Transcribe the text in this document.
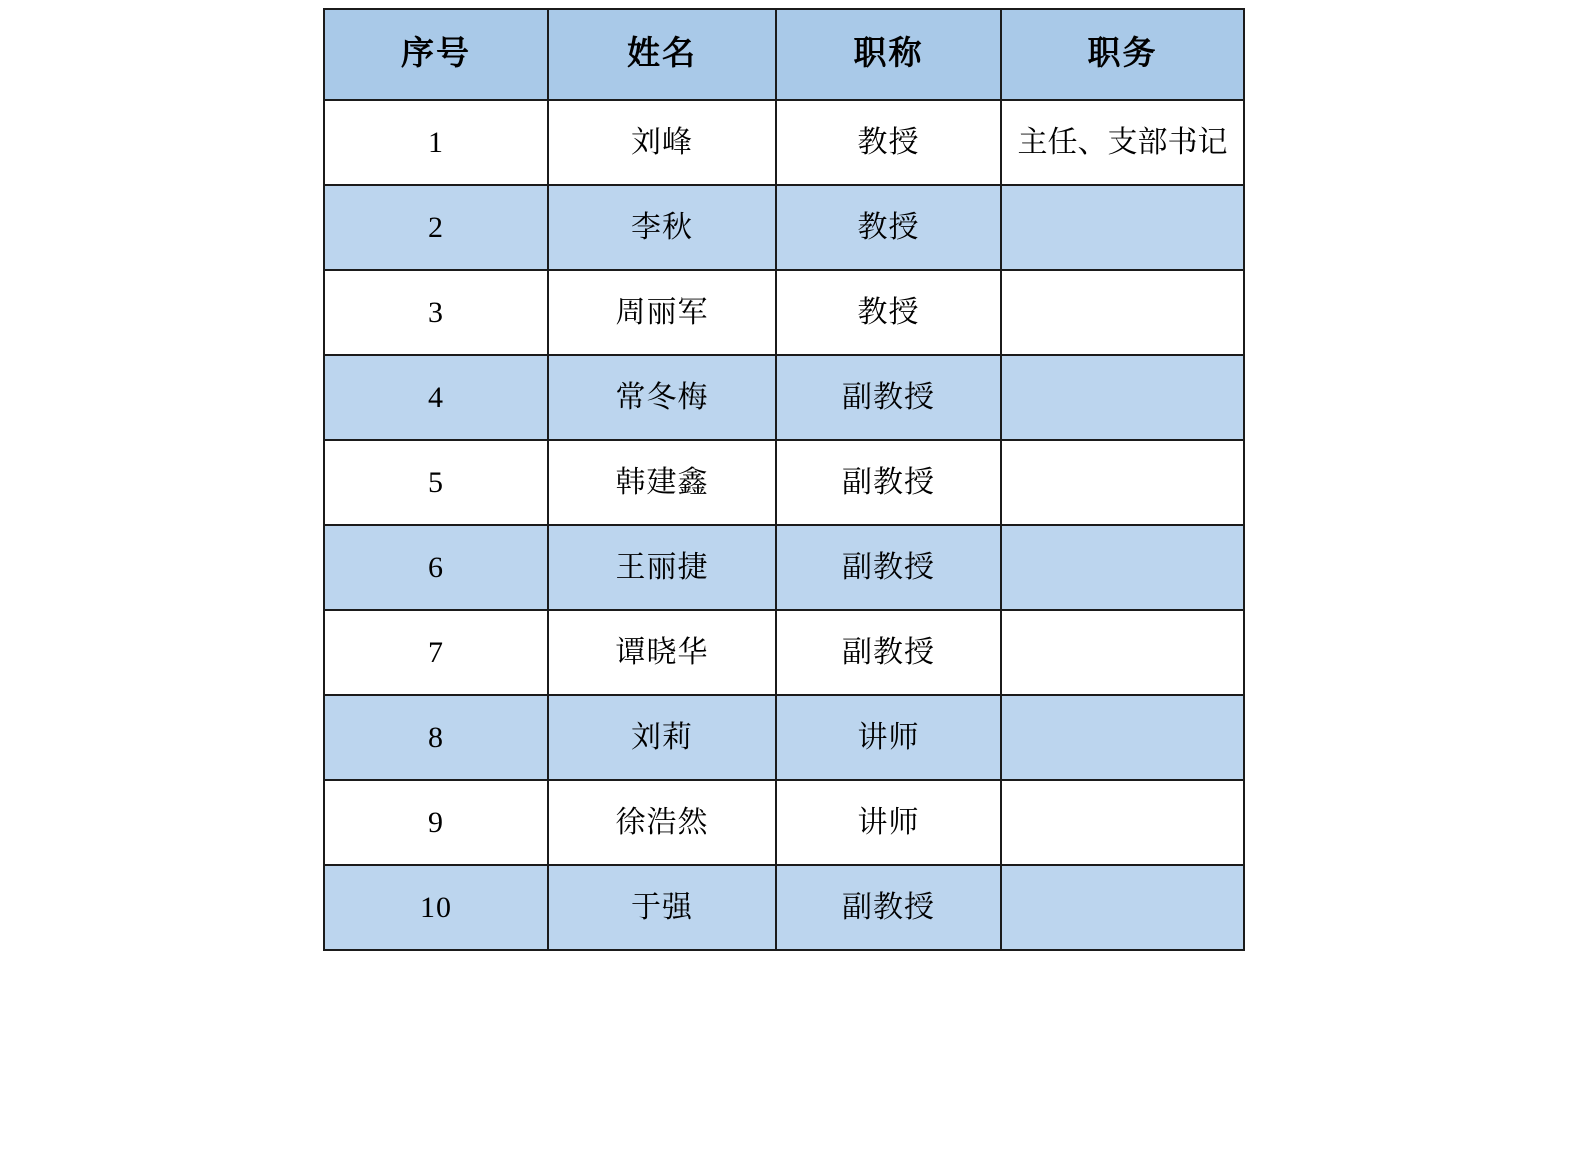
序号	姓名	职称	职务
1	刘峰	教授	主任、支部书记
2	李秋	教授	
3	周丽军	教授	
4	常冬梅	副教授	
5	韩建鑫	副教授	
6	王丽捷	副教授	
7	谭晓华	副教授	
8	刘莉	讲师	
9	徐浩然	讲师	
10	于强	副教授	
